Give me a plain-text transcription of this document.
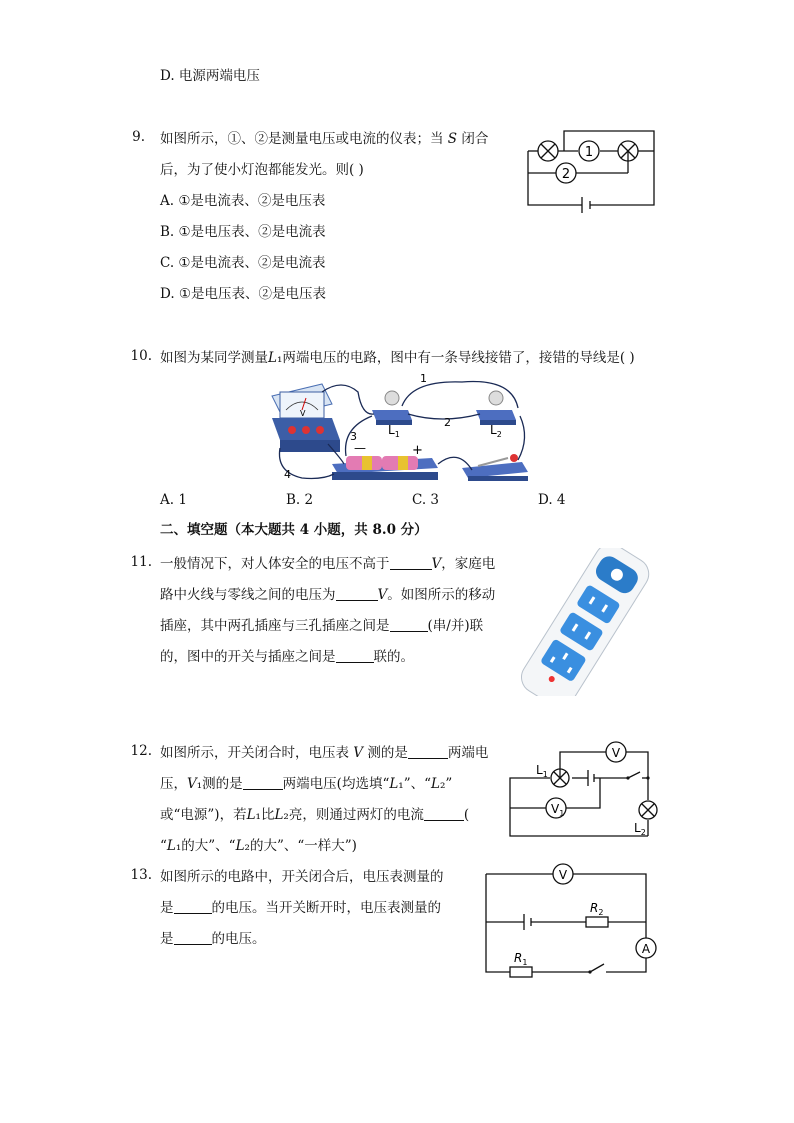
D. 电源两端电压
9. 如图所示，①、②是测量电压或电流的仪表；当 𝑆 闭合
后，为了使小灯泡都能发光。则( )
A. ①是电流表、②是电压表
B. ①是电压表、②是电流表
C. ①是电流表、②是电流表
D. ①是电压表、②是电压表
1
2
10. 如图为某同学测量𝐿₁两端电压的电路，图中有一条导线接错了，接错的导线是( )
V
—	+
1
2
3
4
$L_1$	$L_2$
A. 1	B. 2	C. 3	D. 4
二、填空题（本大题共 4 小题，共 8.0 分）
11. 一般情况下，对人体安全的电压不高于	𝑉，家庭电
路中火线与零线之间的电压为	𝑉。如图所示的移动
插座，其中两孔插座与三孔插座之间是	(串/并)联
的，图中的开关与插座之间是	联的。
12. 如图所示，开关闭合时，电压表 𝑉 测的是	两端电
压，𝑉₁测的是	两端电压(均选填“𝐿₁”、“𝐿₂”
或“电源”)，若𝐿₁比𝐿₂亮，则通过两灯的电流	(
“𝐿₁的大”、“𝐿₂的大”、“一样大”)
V
$V_1$
$L_1$
$L_2$
13. 如图所示的电路中，开关闭合后，电压表测量的
是	的电压。当开关断开时，电压表测量的
是	的电压。
V
A
$R_2$
$R_1$
